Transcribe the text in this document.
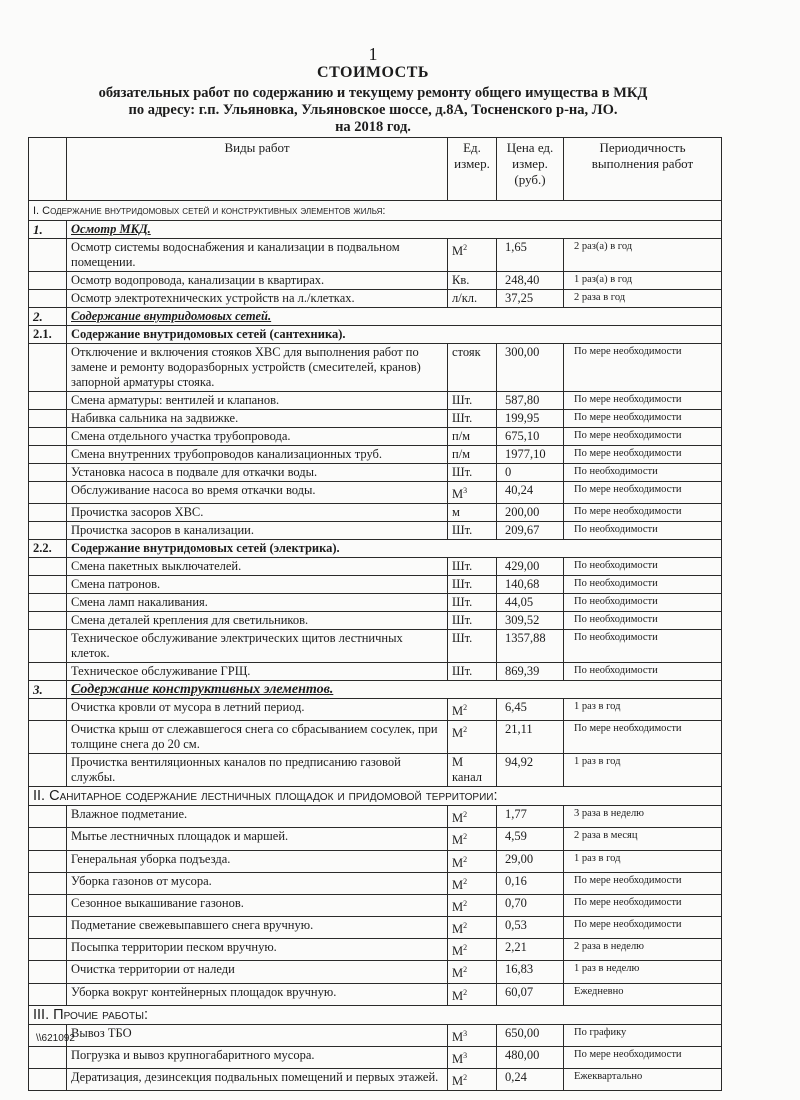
1
СТОИМОСТЬ
обязательных работ по содержанию и текущему ремонту общего имущества в МКД
по адресу: г.п. Ульяновка, Ульяновское шоссе, д.8А, Тосненского р-на, ЛО.
на 2018 год.
	Виды работ	Ед. измер.	Цена ед. измер. (руб.)	Периодичность выполнения работ
I. Содержание внутридомовых сетей и конструктивных элементов жилья:				
1.	Осмотр МКД.			
	Осмотр системы водоснабжения и канализации в подвальном помещении.	$М^2$	1,65	2 раз(а) в год
	Осмотр водопровода, канализации в квартирах.	Кв.	248,40	1 раз(а) в год
	Осмотр электротехнических устройств на л./клетках.	л/кл.	37,25	2 раза в год
2.	Содержание внутридомовых сетей.			
2.1.	Содержание внутридомовых сетей (сантехника).			
	Отключение и включения стояков ХВС для выполнения работ по замене и ремонту водоразборных устройств (смесителей, кранов) запорной арматуры стояка.	стояк	300,00	По мере необходимости
	Смена арматуры: вентилей и клапанов.	Шт.	587,80	По мере необходимости
	Набивка сальника на задвижке.	Шт.	199,95	По мере необходимости
	Смена отдельного участка трубопровода.	п/м	675,10	По мере необходимости
	Смена внутренних трубопроводов канализационных труб.	п/м	1977,10	По мере необходимости
	Установка насоса в подвале для откачки воды.	Шт.	0	По необходимости
	Обслуживание насоса во время откачки воды.	$М^3$	40,24	По мере необходимости
	Прочистка засоров ХВС.	м	200,00	По мере необходимости
	Прочистка засоров в канализации.	Шт.	209,67	По необходимости
2.2.	Содержание внутридомовых сетей (электрика).			
	Смена пакетных выключателей.	Шт.	429,00	По необходимости
	Смена патронов.	Шт.	140,68	По необходимости
	Смена ламп накаливания.	Шт.	44,05	По необходимости
	Смена деталей крепления для светильников.	Шт.	309,52	По необходимости
	Техническое обслуживание электрических щитов лестничных клеток.	Шт.	1357,88	По необходимости
	Техническое обслуживание ГРЩ.	Шт.	869,39	По необходимости
3.	Содержание конструктивных элементов.			
	Очистка кровли от мусора в летний период.	$М^2$	6,45	1 раз в год
	Очистка крыш от слежавшегося снега со сбрасыванием сосулек, при толщине снега до 20 см.	$М^2$	21,11	По мере необходимости
	Прочистка вентиляционных каналов по предписанию газовой службы.	М канал	94,92	1 раз в год
II. Санитарное содержание лестничных площадок и придомовой территории:				
	Влажное подметание.	$М^2$	1,77	3 раза в неделю
	Мытье лестничных площадок и маршей.	$М^2$	4,59	2 раза в месяц
	Генеральная уборка подъезда.	$М^2$	29,00	1 раз в год
	Уборка газонов от мусора.	$М^2$	0,16	По мере необходимости
	Сезонное выкашивание газонов.	$М^2$	0,70	По мере необходимости
	Подметание свежевыпавшего снега вручную.	$М^2$	0,53	По мере необходимости
	Посыпка территории песком вручную.	$М^2$	2,21	2 раза в неделю
	Очистка территории от наледи	$М^2$	16,83	1 раз в неделю
	Уборка вокруг контейнерных площадок вручную.	$М^2$	60,07	Ежедневно
III. Прочие работы:				
	Вывоз ТБО	$М^3$	650,00	По графику
	Погрузка и вывоз крупногабаритного мусора.	$М^3$	480,00	По мере необходимости
	Дератизация, дезинсекция подвальных помещений и первых этажей.	$М^2$	0,24	Ежеквартально
\\621092
